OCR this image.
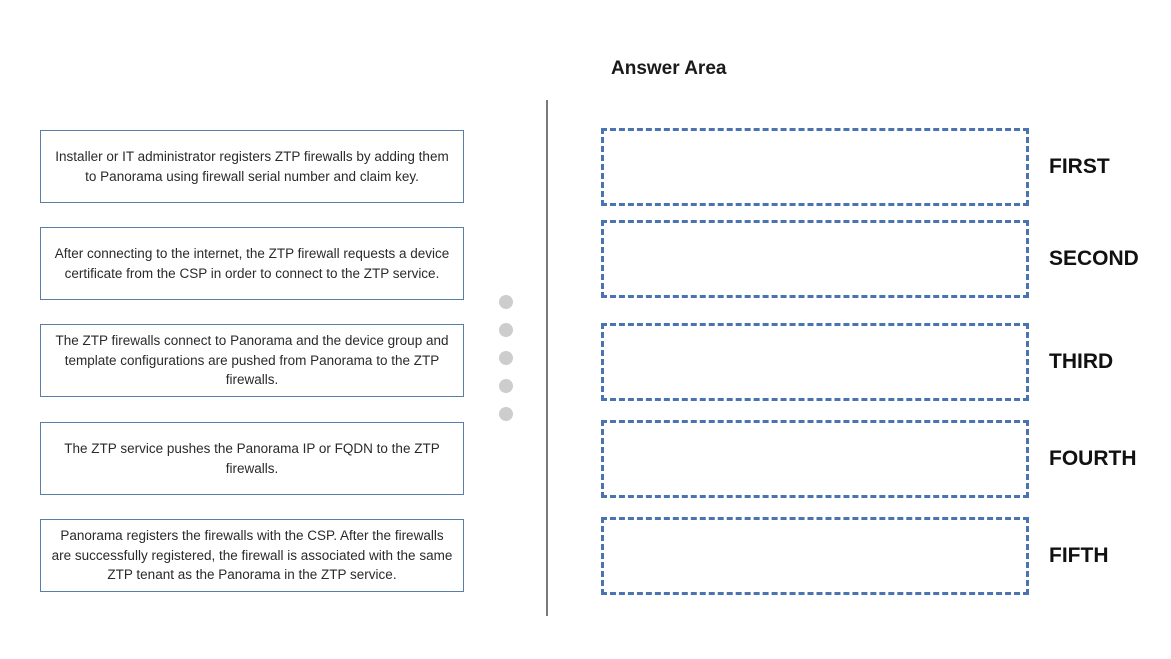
Answer Area
Installer or IT administrator registers ZTP firewalls by adding them to Panorama using firewall serial number and claim key.
After connecting to the internet, the ZTP firewall requests a device certificate from the CSP in order to connect to the ZTP service.
The ZTP firewalls connect to Panorama and the device group and template configurations are pushed from Panorama to the ZTP firewalls.
The ZTP service pushes the Panorama IP or FQDN to the ZTP firewalls.
Panorama registers the firewalls with the CSP. After the firewalls are successfully registered, the firewall is associated with the same ZTP tenant as the Panorama in the ZTP service.
FIRST
SECOND
THIRD
FOURTH
FIFTH
